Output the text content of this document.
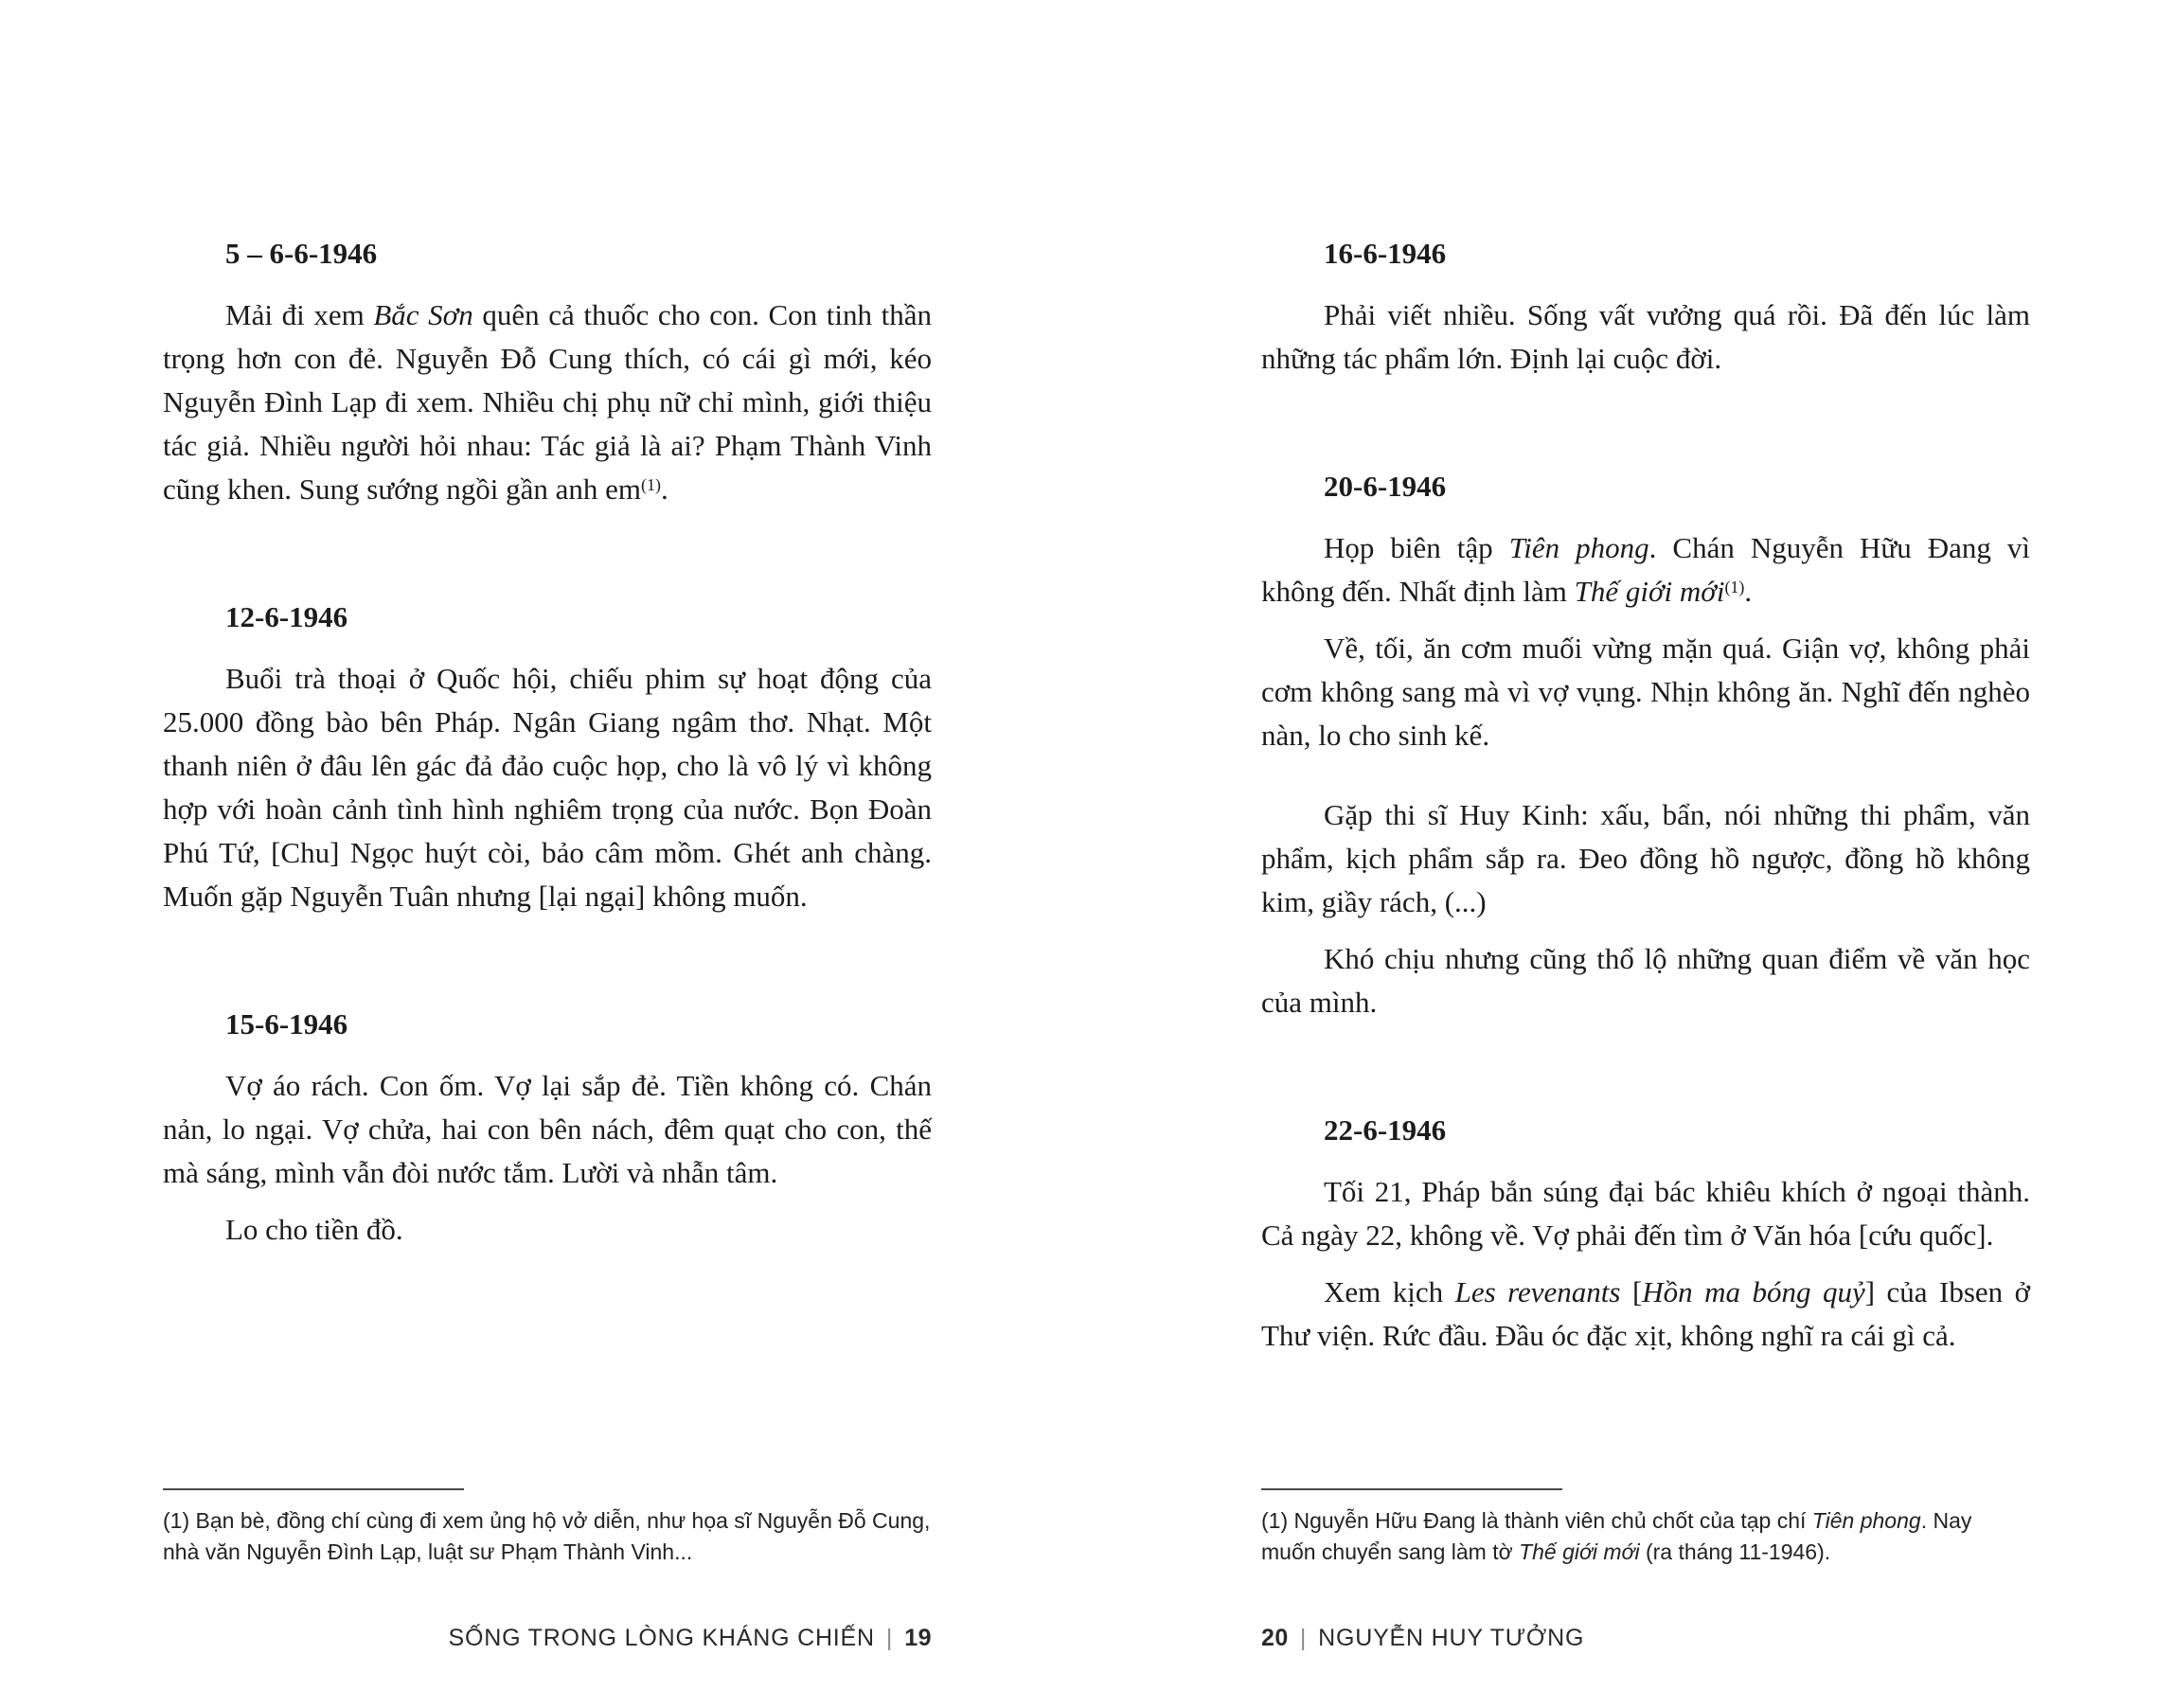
5 – 6-6-1946

Mải đi xem Bắc Sơn quên cả thuốc cho con. Con tinh thần trọng hơn con đẻ. Nguyễn Đỗ Cung thích, có cái gì mới, kéo Nguyễn Đình Lạp đi xem. Nhiều chị phụ nữ chỉ mình, giới thiệu tác giả. Nhiều người hỏi nhau: Tác giả là ai? Phạm Thành Vinh cũng khen. Sung sướng ngồi gần anh em$^{(1)}$.

12-6-1946

Buổi trà thoại ở Quốc hội, chiếu phim sự hoạt động của 25.000 đồng bào bên Pháp. Ngân Giang ngâm thơ. Nhạt. Một thanh niên ở đâu lên gác đả đảo cuộc họp, cho là vô lý vì không hợp với hoàn cảnh tình hình nghiêm trọng của nước. Bọn Đoàn Phú Tứ, [Chu] Ngọc huýt còi, bảo câm mồm. Ghét anh chàng. Muốn gặp Nguyễn Tuân nhưng [lại ngại] không muốn.

15-6-1946

Vợ áo rách. Con ốm. Vợ lại sắp đẻ. Tiền không có. Chán nản, lo ngại. Vợ chửa, hai con bên nách, đêm quạt cho con, thế mà sáng, mình vẫn đòi nước tắm. Lười và nhẫn tâm.

Lo cho tiền đồ.

(1) Bạn bè, đồng chí cùng đi xem ủng hộ vở diễn, như họa sĩ Nguyễn Đỗ Cung, nhà văn Nguyễn Đình Lạp, luật sư Phạm Thành Vinh...

SỐNG TRONG LÒNG KHÁNG CHIẾN | 19
16-6-1946

Phải viết nhiều. Sống vất vưởng quá rồi. Đã đến lúc làm những tác phẩm lớn. Định lại cuộc đời.

20-6-1946

Họp biên tập Tiên phong. Chán Nguyễn Hữu Đang vì không đến. Nhất định làm Thế giới mới$^{(1)}$.

Về, tối, ăn cơm muối vừng mặn quá. Giận vợ, không phải cơm không sang mà vì vợ vụng. Nhịn không ăn. Nghĩ đến nghèo nàn, lo cho sinh kế.

Gặp thi sĩ Huy Kinh: xấu, bẩn, nói những thi phẩm, văn phẩm, kịch phẩm sắp ra. Đeo đồng hồ ngược, đồng hồ không kim, giầy rách, (...)

Khó chịu nhưng cũng thổ lộ những quan điểm về văn học của mình.

22-6-1946

Tối 21, Pháp bắn súng đại bác khiêu khích ở ngoại thành. Cả ngày 22, không về. Vợ phải đến tìm ở Văn hóa [cứu quốc].

Xem kịch Les revenants [Hồn ma bóng quỷ] của Ibsen ở Thư viện. Rức đầu. Đầu óc đặc xịt, không nghĩ ra cái gì cả.

(1) Nguyễn Hữu Đang là thành viên chủ chốt của tạp chí Tiên phong. Nay muốn chuyển sang làm tờ Thế giới mới (ra tháng 11-1946).

20 | NGUYỄN HUY TƯỞNG
